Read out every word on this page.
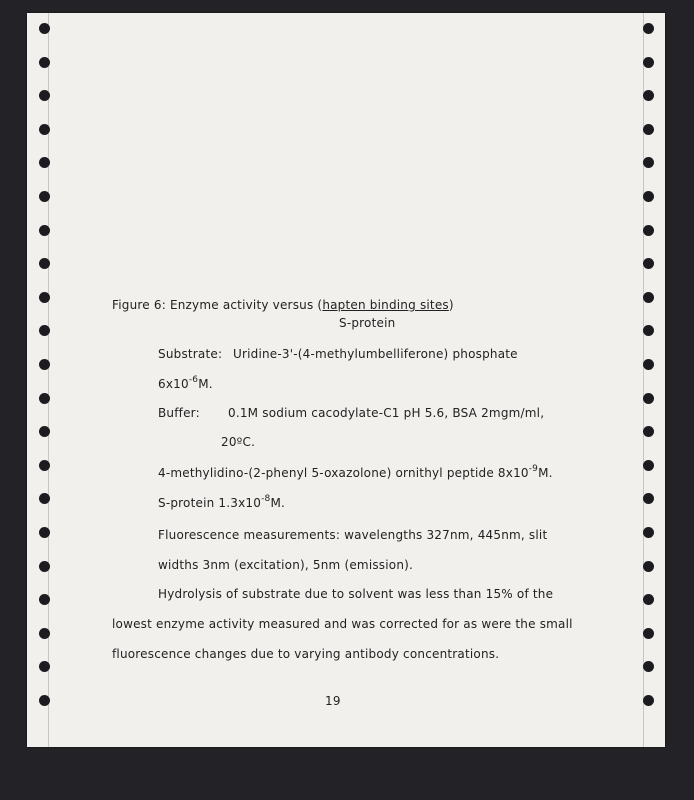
Figure 6: Enzyme activity versus (hapten binding sites)
S-protein
Substrate: Uridine-3'-(4-methylumbelliferone) phosphate
$6x10^{-6}M$.
Buffer: 0.1M sodium cacodylate-C1 pH 5.6, BSA 2mgm/ml,
20ºC.
4-methylidino-(2-phenyl 5-oxazolone) ornithyl peptide $8x10^{-9}M$.
S-protein $1.3x10^{-8}M$.
Fluorescence measurements: wavelengths 327nm, 445nm, slit
widths 3nm (excitation), 5nm (emission).
Hydrolysis of substrate due to solvent was less than 15% of the
lowest enzyme activity measured and was corrected for as were the small
fluorescence changes due to varying antibody concentrations.
19
